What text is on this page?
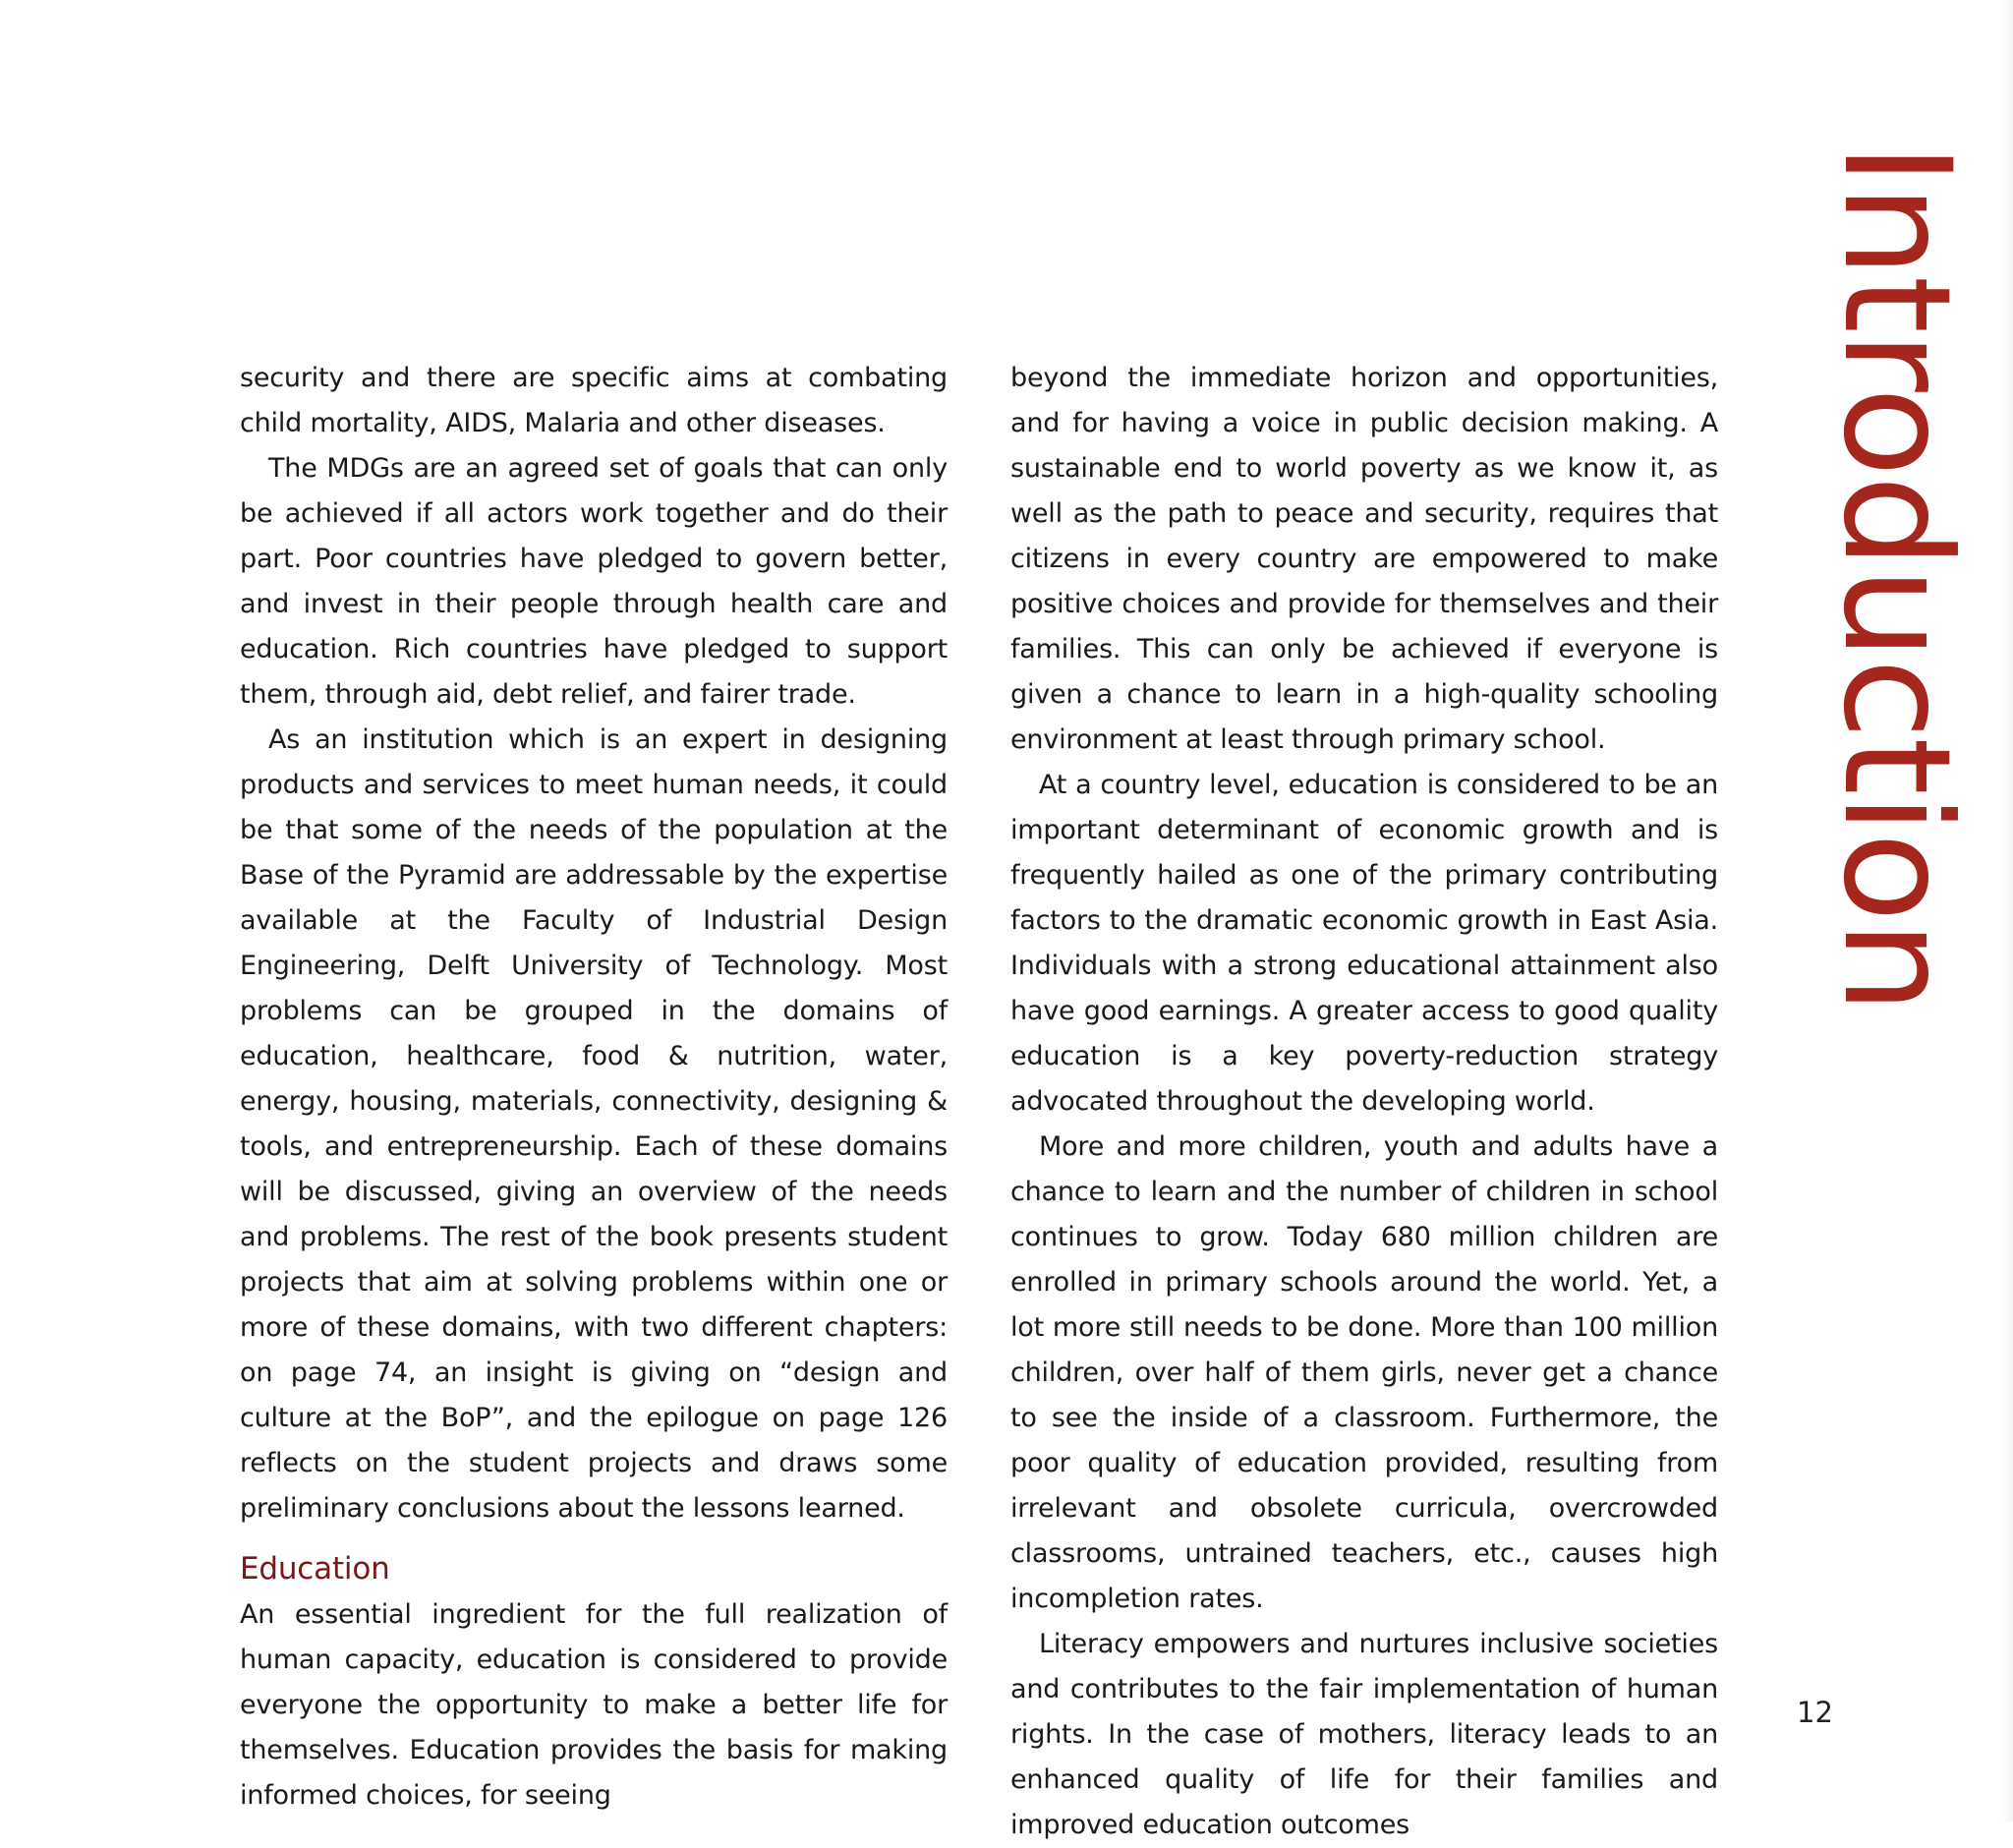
security and there are specific aims at combating child mortality, AIDS, Malaria and other diseases.

The MDGs are an agreed set of goals that can only be achieved if all actors work together and do their part. Poor countries have pledged to govern better, and invest in their people through health care and education. Rich countries have pledged to support them, through aid, debt relief, and fairer trade.

As an institution which is an expert in designing products and services to meet human needs, it could be that some of the needs of the population at the Base of the Pyramid are addressable by the expertise available at the Faculty of Industrial Design Engineering, Delft University of Technology. Most problems can be grouped in the domains of education, healthcare, food & nutrition, water, energy, housing, materials, connectivity, designing & tools, and entrepreneurship. Each of these domains will be discussed, giving an overview of the needs and problems. The rest of the book presents student projects that aim at solving problems within one or more of these domains, with two different chapters: on page 74, an insight is giving on “design and culture at the BoP”, and the epilogue on page 126 reflects on the student projects and draws some preliminary conclusions about the lessons learned.

Education

An essential ingredient for the full realization of human capacity, education is considered to provide everyone the opportunity to make a better life for themselves. Education provides the basis for making informed choices, for seeing

beyond the immediate horizon and opportunities, and for having a voice in public decision making. A sustainable end to world poverty as we know it, as well as the path to peace and security, requires that citizens in every country are empowered to make positive choices and provide for themselves and their families. This can only be achieved if everyone is given a chance to learn in a high-quality schooling environment at least through primary school.

At a country level, education is considered to be an important determinant of economic growth and is frequently hailed as one of the primary contributing factors to the dramatic economic growth in East Asia. Individuals with a strong educational attainment also have good earnings. A greater access to good quality education is a key poverty-reduction strategy advocated throughout the developing world.

More and more children, youth and adults have a chance to learn and the number of children in school continues to grow. Today 680 million children are enrolled in primary schools around the world. Yet, a lot more still needs to be done. More than 100 million children, over half of them girls, never get a chance to see the inside of a classroom. Furthermore, the poor quality of education provided, resulting from irrelevant and obsolete curricula, overcrowded classrooms, untrained teachers, etc., causes high incompletion rates.

Literacy empowers and nurtures inclusive societies and contributes to the fair implementation of human rights. In the case of mothers, literacy leads to an enhanced quality of life for their families and improved education outcomes

Introduction
12
